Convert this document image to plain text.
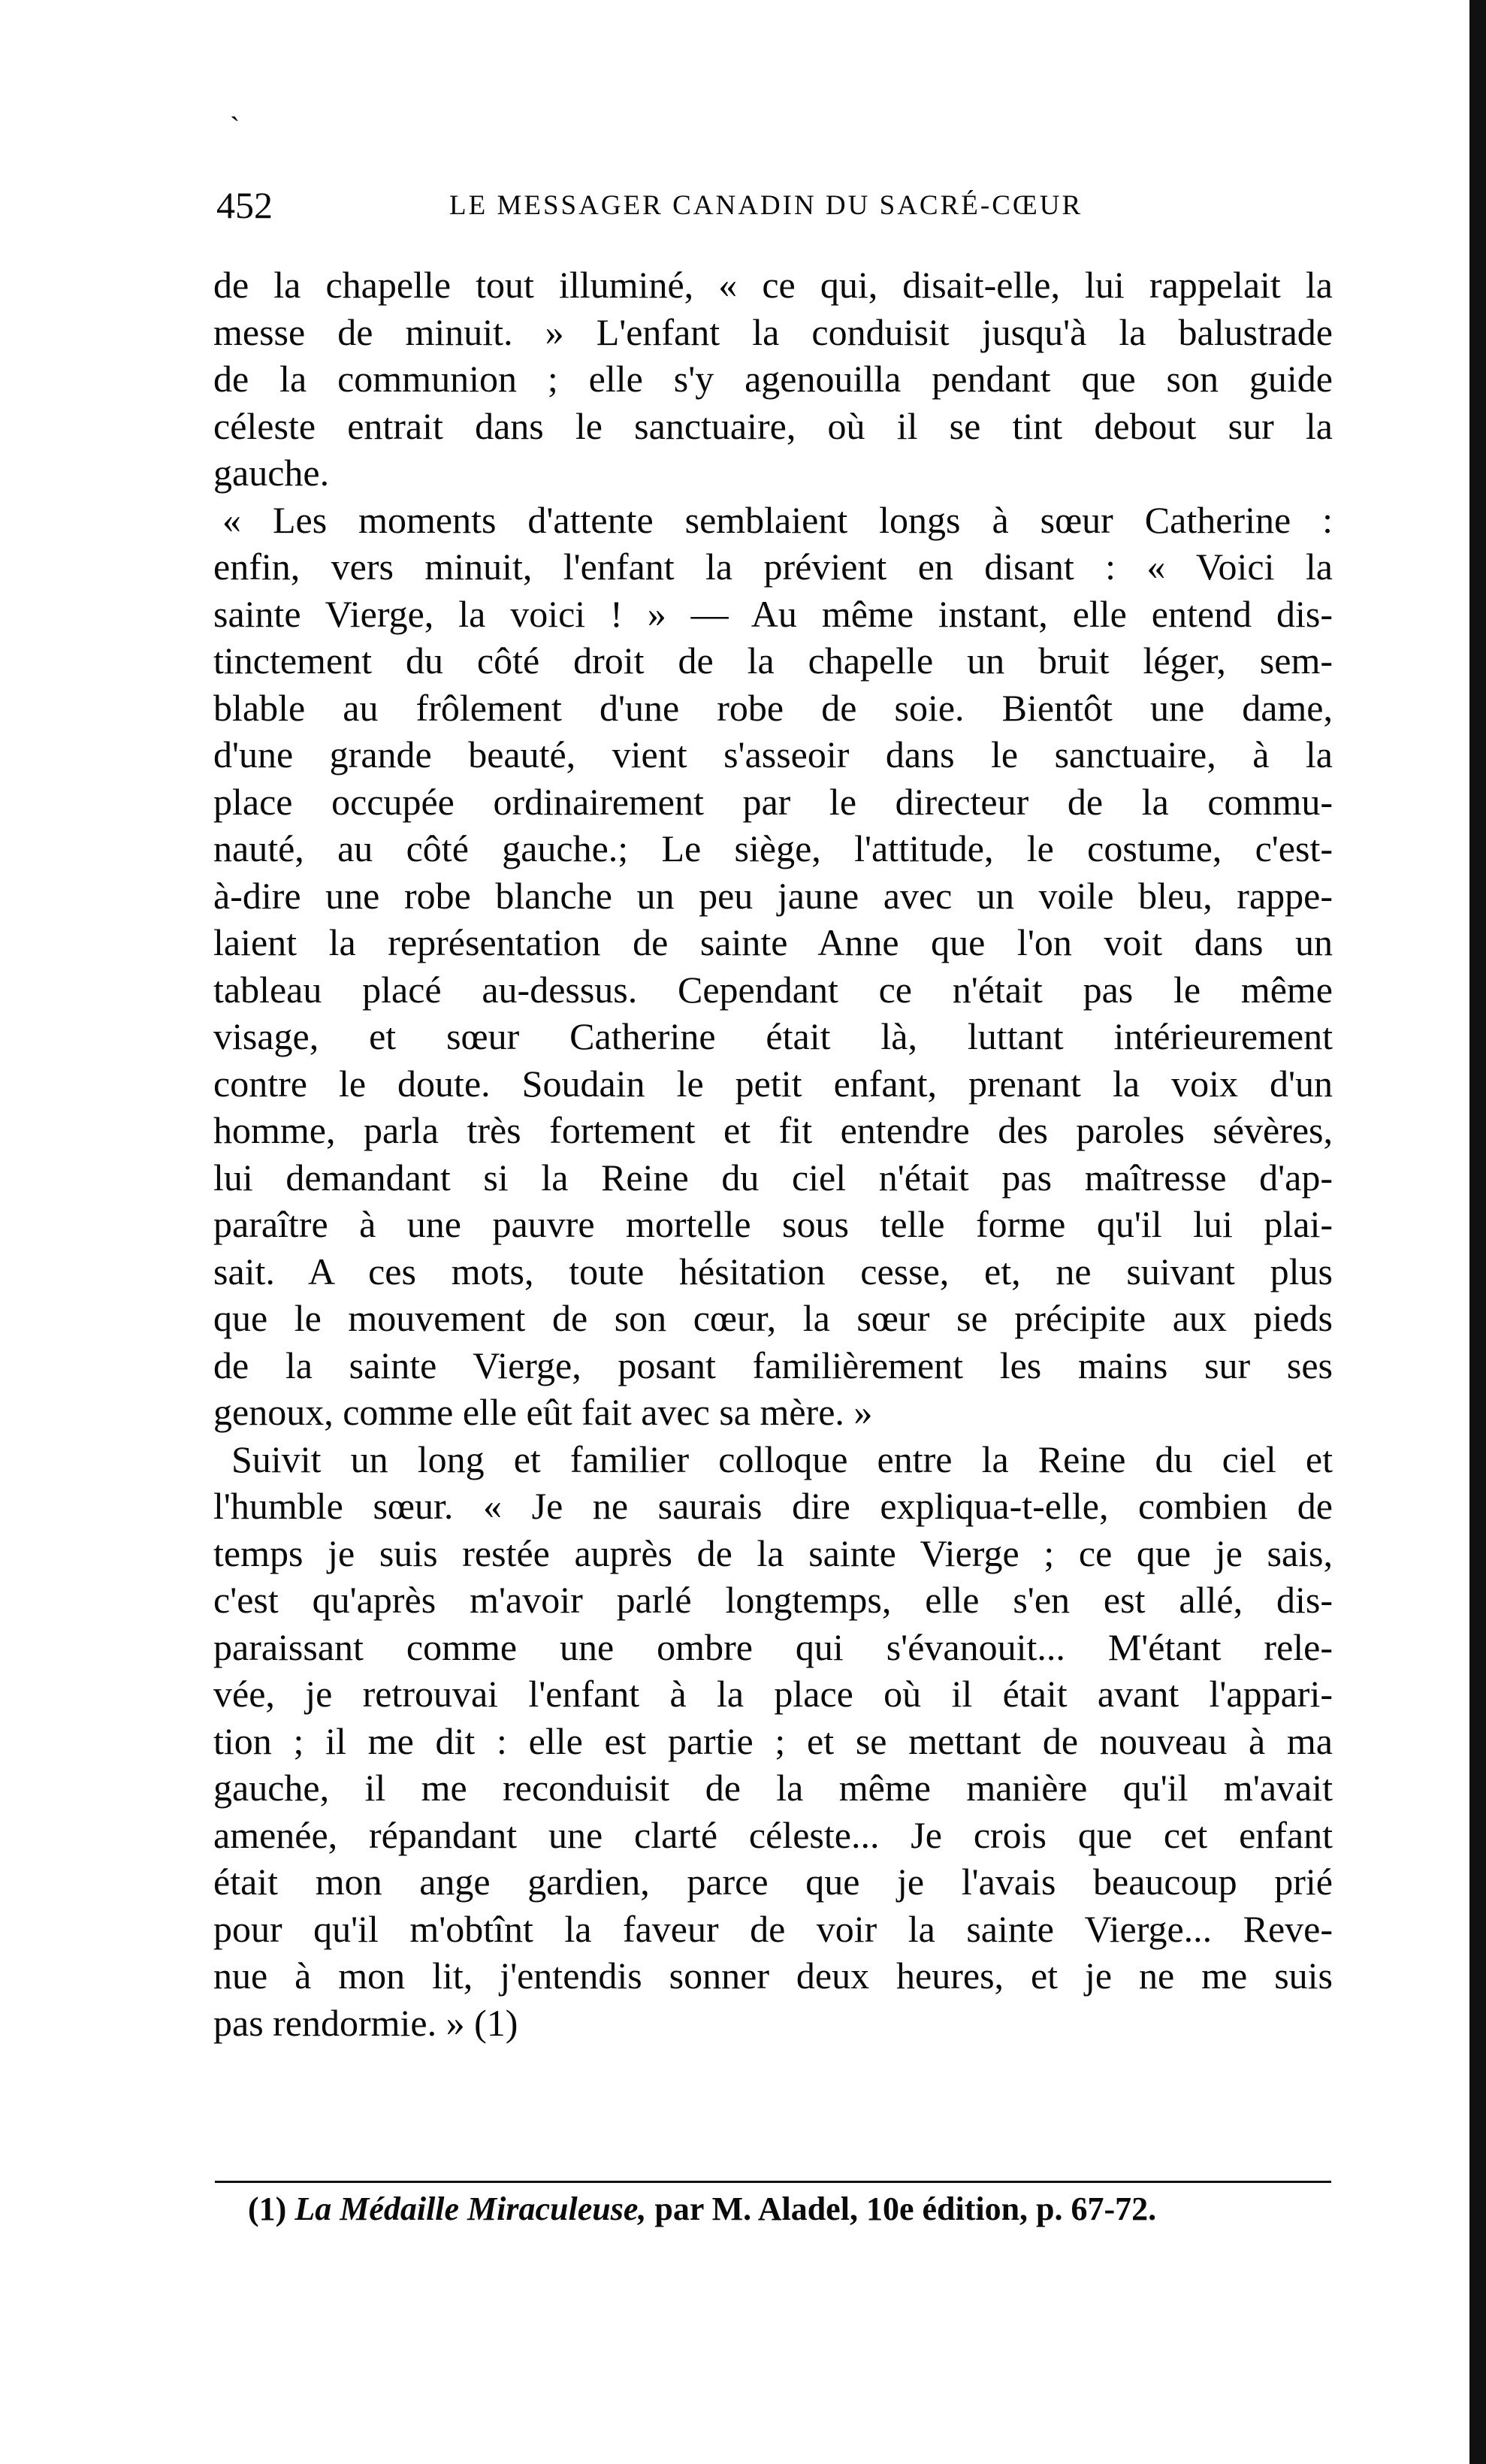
`
452	LE MESSAGER CANADIN DU SACRÉ-CŒUR
de la chapelle tout illuminé, « ce qui, disait-elle, lui rappelait la
messe de minuit. » L'enfant la conduisit jusqu'à la balustrade
de la communion ; elle s'y agenouilla pendant que son guide
céleste entrait dans le sanctuaire, où il se tint debout sur la
gauche.
« Les moments d'attente semblaient longs à sœur Catherine :
enfin, vers minuit, l'enfant la prévient en disant : « Voici la
sainte Vierge, la voici ! » — Au même instant, elle entend dis-
tinctement du côté droit de la chapelle un bruit léger, sem-
blable au frôlement d'une robe de soie. Bientôt une dame,
d'une grande beauté, vient s'asseoir dans le sanctuaire, à la
place occupée ordinairement par le directeur de la commu-
nauté, au côté gauche.; Le siège, l'attitude, le costume, c'est-
à-dire une robe blanche un peu jaune avec un voile bleu, rappe-
laient la représentation de sainte Anne que l'on voit dans un
tableau placé au-dessus. Cependant ce n'était pas le même
visage, et sœur Catherine était là, luttant intérieurement
contre le doute. Soudain le petit enfant, prenant la voix d'un
homme, parla très fortement et fit entendre des paroles sévères,
lui demandant si la Reine du ciel n'était pas maîtresse d'ap-
paraître à une pauvre mortelle sous telle forme qu'il lui plai-
sait. A ces mots, toute hésitation cesse, et, ne suivant plus
que le mouvement de son cœur, la sœur se précipite aux pieds
de la sainte Vierge, posant familièrement les mains sur ses
genoux, comme elle eût fait avec sa mère. »
Suivit un long et familier colloque entre la Reine du ciel et
l'humble sœur. « Je ne saurais dire expliqua-t-elle, combien de
temps je suis restée auprès de la sainte Vierge ; ce que je sais,
c'est qu'après m'avoir parlé longtemps, elle s'en est allé, dis-
paraissant comme une ombre qui s'évanouit... M'étant rele-
vée, je retrouvai l'enfant à la place où il était avant l'appari-
tion ; il me dit : elle est partie ; et se mettant de nouveau à ma
gauche, il me reconduisit de la même manière qu'il m'avait
amenée, répandant une clarté céleste... Je crois que cet enfant
était mon ange gardien, parce que je l'avais beaucoup prié
pour qu'il m'obtînt la faveur de voir la sainte Vierge... Reve-
nue à mon lit, j'entendis sonner deux heures, et je ne me suis
pas rendormie. » (1)
(1) La Médaille Miraculeuse, par M. Aladel, 10e édition, p. 67-72.
